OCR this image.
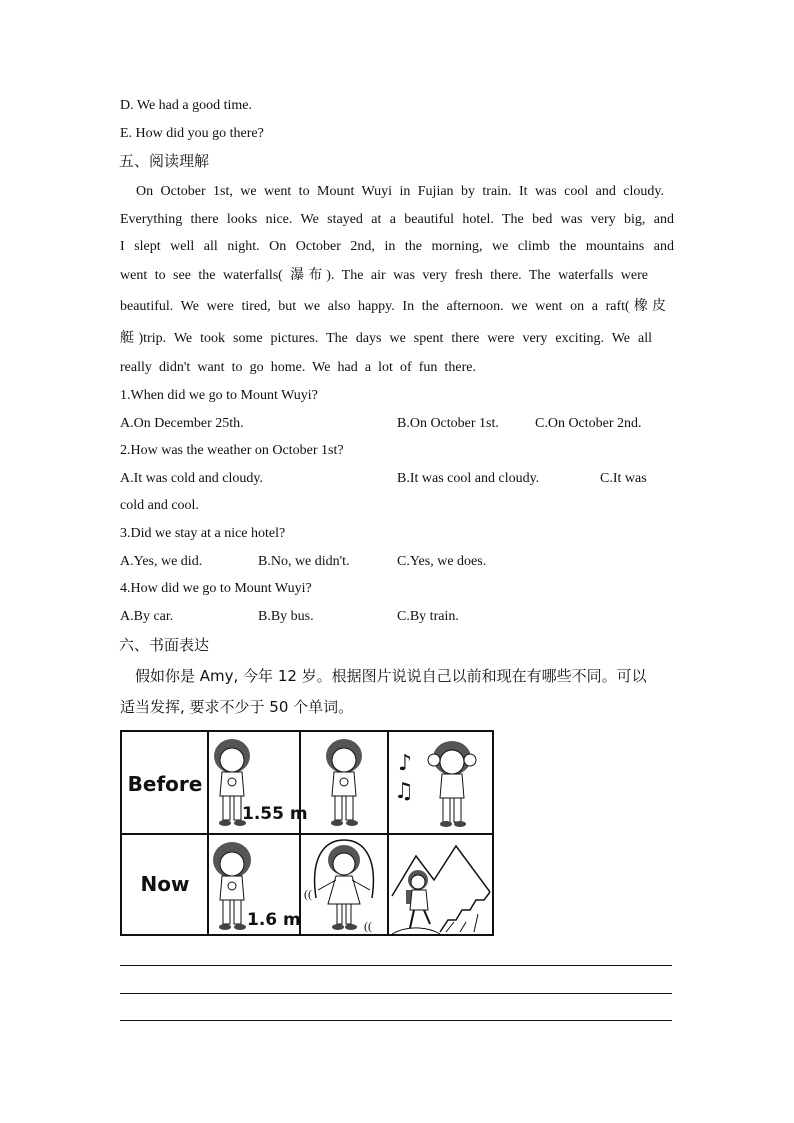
D. We had a good time.
E. How did you go there?
五、阅读理解
On October 1st, we went to Mount Wuyi in Fujian by train. It was cool and cloudy.
Everything there looks nice. We stayed at a beautiful hotel. The bed was very big, and
I slept well all night. On October 2nd, in the morning, we climb the mountains and
went to see the waterfalls( 瀑布). The air was very fresh there. The waterfalls were
beautiful. We were tired, but we also happy. In the afternoon. we went on a raft(橡皮
艇)trip. We took some pictures. The days we spent there were very exciting. We all
really didn't want to go home. We had a lot of fun there.
1.When did we go to Mount Wuyi?
A.On December 25th.	B.On October 1st.	C.On October 2nd.
2.How was the weather on October 1st?
A.It was cold and cloudy.	B.It was cool and cloudy.	C.It was
cold and cool.
3.Did we stay at a nice hotel?
A.Yes, we did.	B.No, we didn't.	C.Yes, we does.
4.How did we go to Mount Wuyi?
A.By car.	B.By bus.	C.By train.
六、书面表达
假如你是 Amy, 今年 12 岁。根据图片说说自己以前和现在有哪些不同。可以
适当发挥, 要求不少于 50 个单词。
Before
Now
1.55 m
♪
♫
1.6 m
((
((
